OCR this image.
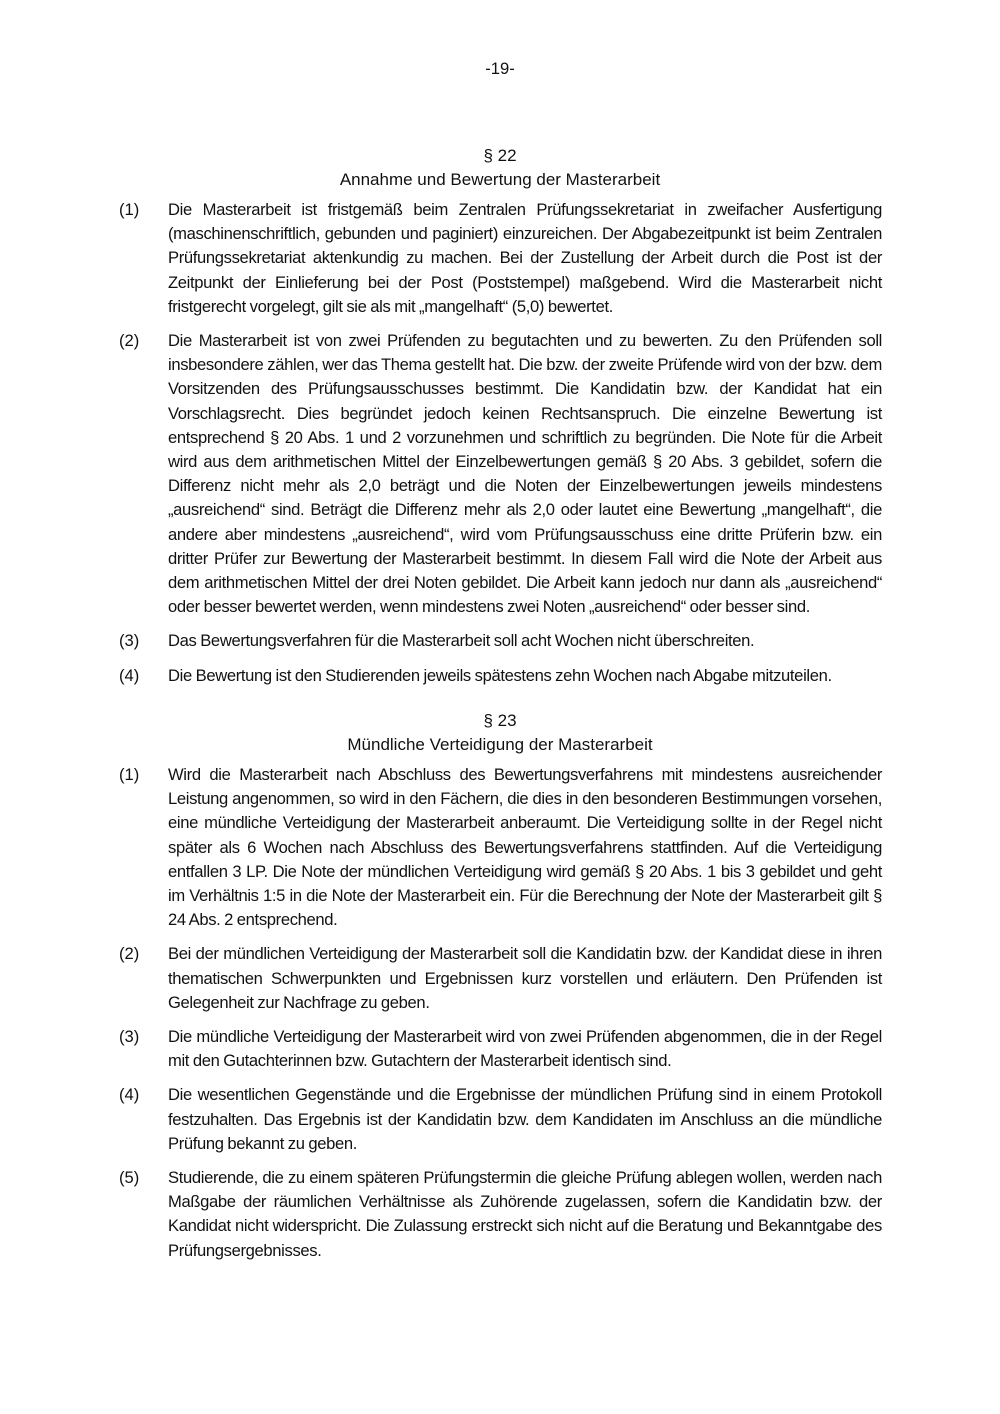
-19-
§ 22
Annahme und Bewertung der Masterarbeit
(1) Die Masterarbeit ist fristgemäß beim Zentralen Prüfungssekretariat in zweifacher Ausfertigung (maschinenschriftlich, gebunden und paginiert) einzureichen. Der Abgabezeitpunkt ist beim Zentralen Prüfungssekretariat aktenkundig zu machen. Bei der Zustellung der Arbeit durch die Post ist der Zeitpunkt der Einlieferung bei der Post (Poststempel) maßgebend. Wird die Masterarbeit nicht fristgerecht vorgelegt, gilt sie als mit „mangelhaft“ (5,0) bewertet.
(2) Die Masterarbeit ist von zwei Prüfenden zu begutachten und zu bewerten. Zu den Prüfenden soll insbesondere zählen, wer das Thema gestellt hat. Die bzw. der zweite Prüfende wird von der bzw. dem Vorsitzenden des Prüfungsausschusses bestimmt. Die Kandidatin bzw. der Kandidat hat ein Vorschlagsrecht. Dies begründet jedoch keinen Rechtsanspruch. Die einzelne Bewertung ist entsprechend § 20 Abs. 1 und 2 vorzunehmen und schriftlich zu begründen. Die Note für die Arbeit wird aus dem arithmetischen Mittel der Einzelbewertungen gemäß § 20 Abs. 3 gebildet, sofern die Differenz nicht mehr als 2,0 beträgt und die Noten der Einzelbewertungen jeweils mindestens „ausreichend“ sind. Beträgt die Differenz mehr als 2,0 oder lautet eine Bewertung „mangelhaft“, die andere aber mindestens „ausreichend“, wird vom Prüfungsausschuss eine dritte Prüferin bzw. ein dritter Prüfer zur Bewertung der Masterarbeit bestimmt. In diesem Fall wird die Note der Arbeit aus dem arithmetischen Mittel der drei Noten gebildet. Die Arbeit kann jedoch nur dann als „ausreichend“ oder besser bewertet werden, wenn mindestens zwei Noten „ausreichend“ oder besser sind.
(3) Das Bewertungsverfahren für die Masterarbeit soll acht Wochen nicht überschreiten.
(4) Die Bewertung ist den Studierenden jeweils spätestens zehn Wochen nach Abgabe mitzuteilen.
§ 23
Mündliche Verteidigung der Masterarbeit
(1) Wird die Masterarbeit nach Abschluss des Bewertungsverfahrens mit mindestens ausreichender Leistung angenommen, so wird in den Fächern, die dies in den besonderen Bestimmungen vorsehen, eine mündliche Verteidigung der Masterarbeit anberaumt. Die Verteidigung sollte in der Regel nicht später als 6 Wochen nach Abschluss des Bewertungsverfahrens stattfinden. Auf die Verteidigung entfallen 3 LP. Die Note der mündlichen Verteidigung wird gemäß § 20 Abs. 1 bis 3 gebildet und geht im Verhältnis 1:5 in die Note der Masterarbeit ein. Für die Berechnung der Note der Masterarbeit gilt § 24 Abs. 2 entsprechend.
(2) Bei der mündlichen Verteidigung der Masterarbeit soll die Kandidatin bzw. der Kandidat diese in ihren thematischen Schwerpunkten und Ergebnissen kurz vorstellen und erläutern. Den Prüfenden ist Gelegenheit zur Nachfrage zu geben.
(3) Die mündliche Verteidigung der Masterarbeit wird von zwei Prüfenden abgenommen, die in der Regel mit den Gutachterinnen bzw. Gutachtern der Masterarbeit identisch sind.
(4) Die wesentlichen Gegenstände und die Ergebnisse der mündlichen Prüfung sind in einem Protokoll festzuhalten. Das Ergebnis ist der Kandidatin bzw. dem Kandidaten im Anschluss an die mündliche Prüfung bekannt zu geben.
(5) Studierende, die zu einem späteren Prüfungstermin die gleiche Prüfung ablegen wollen, werden nach Maßgabe der räumlichen Verhältnisse als Zuhörende zugelassen, sofern die Kandidatin bzw. der Kandidat nicht widerspricht. Die Zulassung erstreckt sich nicht auf die Beratung und Bekanntgabe des Prüfungsergebnisses.
